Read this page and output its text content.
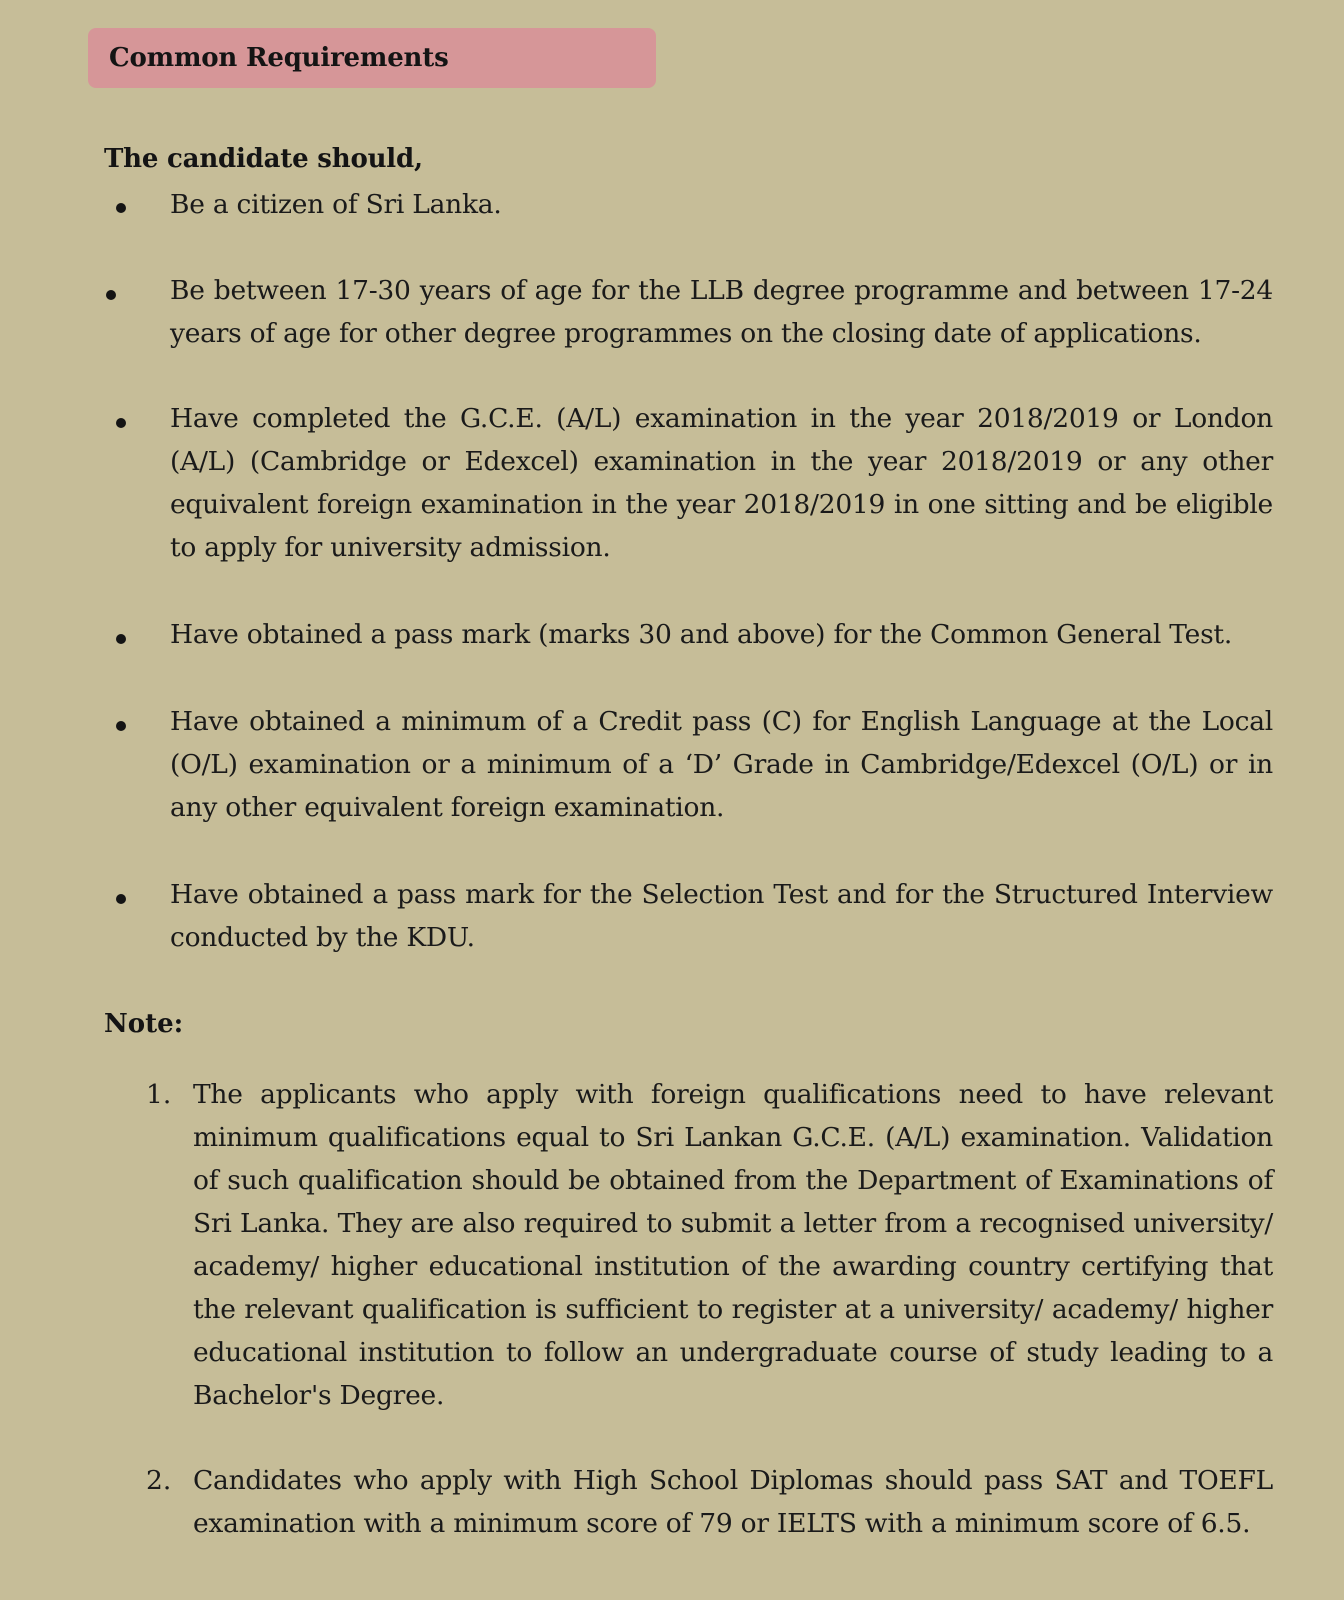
Common Requirements
The candidate should,
Be a citizen of Sri Lanka.
Be between 17-30 years of age for the LLB degree programme and between 17-24 years of age for other degree programmes on the closing date of applications.
Have completed the G.C.E. (A/L) examination in the year 2018/2019 or London (A/L) (Cambridge or Edexcel) examination in the year 2018/2019 or any other equivalent foreign examination in the year 2018/2019 in one sitting and be eligible to apply for university admission.
Have obtained a pass mark (marks 30 and above) for the Common General Test.
Have obtained a minimum of a Credit pass (C) for English Language at the Local (O/L) examination or a minimum of a ‘D’ Grade in Cambridge/Edexcel (O/L) or in any other equivalent foreign examination.
Have obtained a pass mark for the Selection Test and for the Structured Interview conducted by the KDU.
Note:
1. The applicants who apply with foreign qualifications need to have relevant minimum qualifications equal to Sri Lankan G.C.E. (A/L) examination. Validation of such qualification should be obtained from the Department of Examinations of Sri Lanka. They are also required to submit a letter from a recognised university/ academy/ higher educational institution of the awarding country certifying that the relevant qualification is sufficient to register at a university/ academy/ higher educational institution to follow an undergraduate course of study leading to a Bachelor's Degree.
2. Candidates who apply with High School Diplomas should pass SAT and TOEFL examination with a minimum score of 79 or IELTS with a minimum score of 6.5.
